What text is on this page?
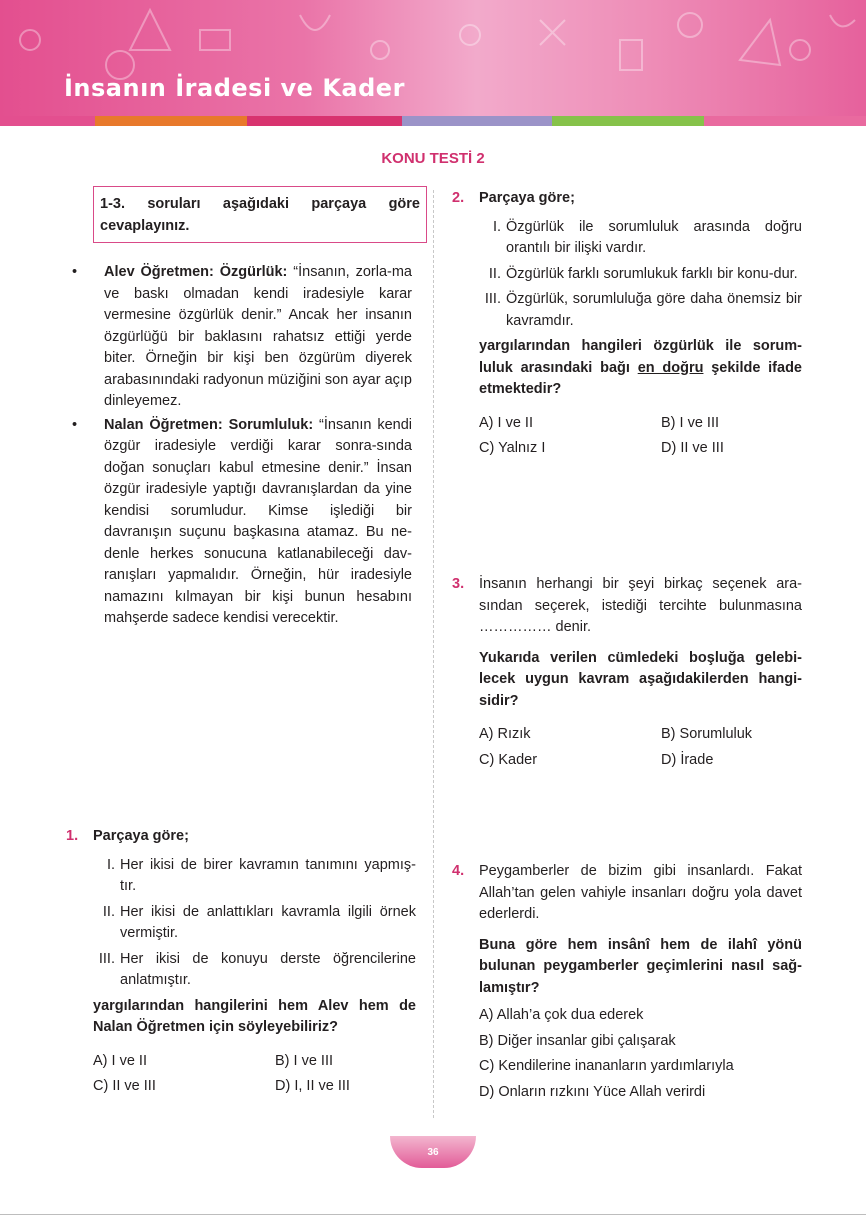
İnsanın İradesi ve Kader
KONU TESTİ 2
1-3. soruları aşağıdaki parçaya göre cevaplayınız.
• Alev Öğretmen: Özgürlük: “İnsanın, zorla-ma ve baskı olmadan kendi iradesiyle karar vermesine özgürlük denir.” Ancak her insanın özgürlüğü bir baklasını rahatsız ettiği yerde biter. Örneğin bir kişi ben özgürüm diyerek arabasınındaki radyonun müziğini son ayar açıp dinleyemez.
• Nalan Öğretmen: Sorumluluk: “İnsanın kendi özgür iradesiyle verdiği karar sonra-sında doğan sonuçları kabul etmesine denir.” İnsan özgür iradesiyle yaptığı davranışlardan da yine kendisi sorumludur. Kimse işlediği bir davranışın suçunu başkasına atamaz. Bu ne-denle herkes sonucuna katlanabileceği dav-ranışları yapmalıdır. Örneğin, hür iradesiyle namazını kılmayan bir kişi bunun hesabını mahşerde sadece kendisi verecektir.
1. Parçaya göre;

I. Her ikisi de birer kavramın tanımını yapmış-tır.
II. Her ikisi de anlattıkları kavramla ilgili örnek vermiştir.
III. Her ikisi de konuyu derste öğrencilerine anlatmıştır.

yargılarından hangilerini hem Alev hem de Nalan Öğretmen için söyleyebiliriz?

A) I ve II	B) I ve III
C) II ve III	D) I, II ve III
2. Parçaya göre;

I. Özgürlük ile sorumluluk arasında doğru orantılı bir ilişki vardır.
II. Özgürlük farklı sorumlukuk farklı bir konu-dur.
III. Özgürlük, sorumluluğa göre daha önemsiz bir kavramdır.

yargılarından hangileri özgürlük ile sorum-luluk arasındaki bağı en doğru şekilde ifade etmektedir?

A) I ve II	B) I ve III
C) Yalnız I	D) II ve III
3. İnsanın herhangi bir şeyi birkaç seçenek ara-sından seçerek, istediği tercihte bulunmasına …………… denir.

Yukarıda verilen cümledeki boşluğa gelebi-lecek uygun kavram aşağıdakilerden hangi-sidir?

A) Rızık	B) Sorumluluk
C) Kader	D) İrade
4. Peygamberler de bizim gibi insanlardı. Fakat Allah’tan gelen vahiyle insanları doğru yola davet ederlerdi.

Buna göre hem insânî hem de ilahî yönü bulunan peygamberler geçimlerini nasıl sağ-lamıştır?

A) Allah’a çok dua ederek
B) Diğer insanlar gibi çalışarak
C) Kendilerine inananların yardımlarıyla
D) Onların rızkını Yüce Allah verirdi
36
